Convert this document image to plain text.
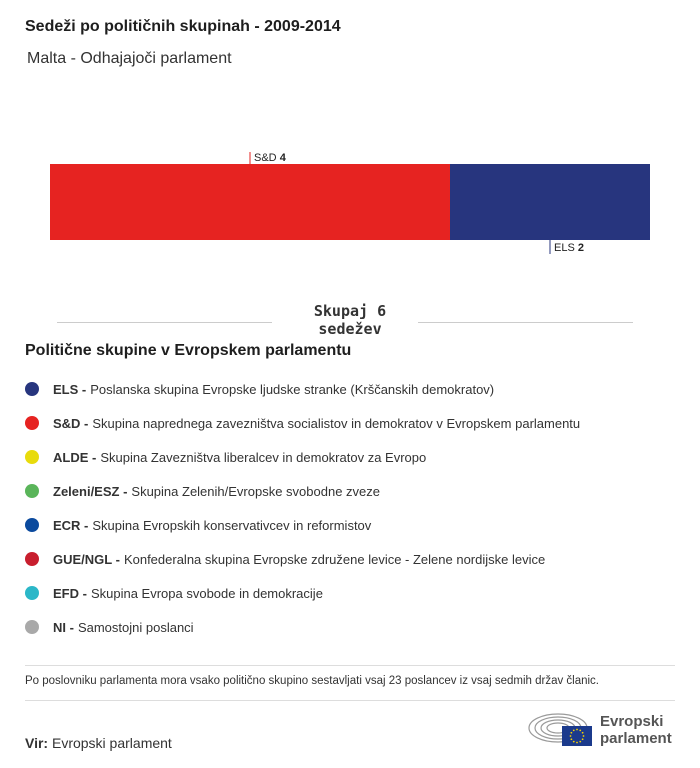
Sedeži po političnih skupinah - 2009-2014
Malta - Odhajajoči parlament
S&D 4
ELS 2
Skupaj 6
sedežev
Politične skupine v Evropskem parlamentu
ELS - Poslanska skupina Evropske ljudske stranke (Krščanskih demokratov)
S&D - Skupina naprednega zavezništva socialistov in demokratov v Evropskem parlamentu
ALDE - Skupina Zavezništva liberalcev in demokratov za Evropo
Zeleni/ESZ - Skupina Zelenih/Evropske svobodne zveze
ECR - Skupina Evropskih konservativcev in reformistov
GUE/NGL - Konfederalna skupina Evropske združene levice - Zelene nordijske levice
EFD - Skupina Evropa svobode in demokracije
NI - Samostojni poslanci
Po poslovniku parlamenta mora vsako politično skupino sestavljati vsaj 23 poslancev iz vsaj sedmih držav članic.
Vir: Evropski parlament
Evropski
parlament
